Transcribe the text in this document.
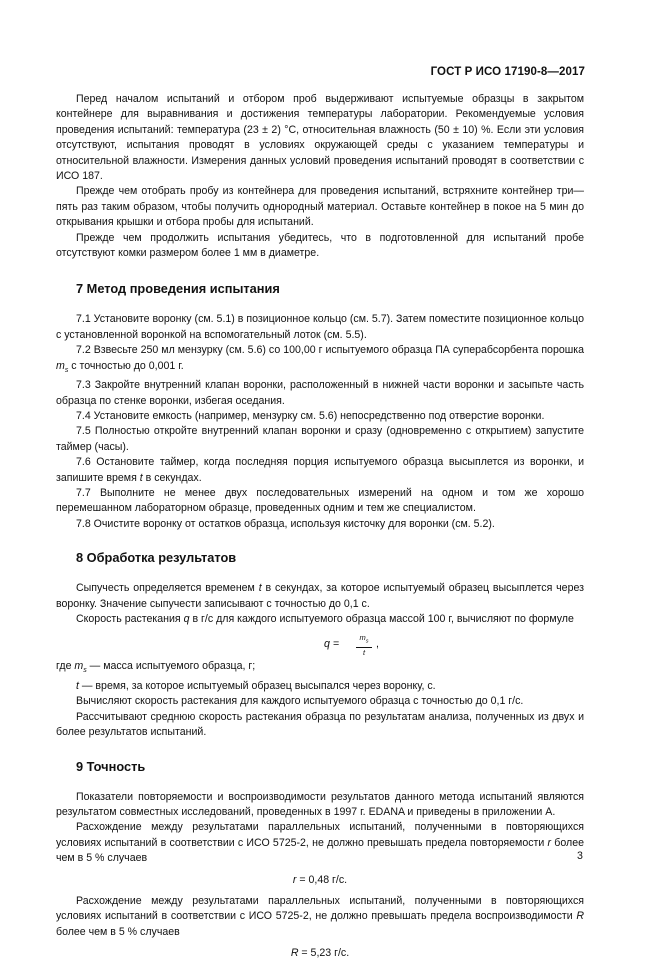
ГОСТ Р ИСО 17190-8—2017

Перед началом испытаний и отбором проб выдерживают испытуемые образцы в закрытом контейнере для выравнивания и достижения температуры лаборатории. Рекомендуемые условия проведения испытаний: температура (23 ± 2) °С, относительная влажность (50 ± 10) %. Если эти условия отсутствуют, испытания проводят в условиях окружающей среды с указанием температуры и относительной влажности. Измерения данных условий проведения испытаний проводят в соответствии с ИСО 187.

Прежде чем отобрать пробу из контейнера для проведения испытаний, встряхните контейнер три—пять раз таким образом, чтобы получить однородный материал. Оставьте контейнер в покое на 5 мин до открывания крышки и отбора пробы для испытаний.

Прежде чем продолжить испытания убедитесь, что в подготовленной для испытаний пробе отсутствуют комки размером более 1 мм в диаметре.

7 Метод проведения испытания

7.1 Установите воронку (см. 5.1) в позиционное кольцо (см. 5.7). Затем поместите позиционное кольцо с установленной воронкой на вспомогательный лоток (см. 5.5).

7.2 Взвесьте 250 мл мензурку (см. 5.6) со 100,00 г испытуемого образца ПА суперабсорбента порошка $m_s$ с точностью до 0,001 г.

7.3 Закройте внутренний клапан воронки, расположенный в нижней части воронки и засыпьте часть образца по стенке воронки, избегая оседания.

7.4 Установите емкость (например, мензурку см. 5.6) непосредственно под отверстие воронки.

7.5 Полностью откройте внутренний клапан воронки и сразу (одновременно с открытием) запустите таймер (часы).

7.6 Остановите таймер, когда последняя порция испытуемого образца высыплется из воронки, и запишите время t в секундах.

7.7 Выполните не менее двух последовательных измерений на одном и том же хорошо перемешанном лабораторном образце, проведенных одним и тем же специалистом.

7.8 Очистите воронку от остатков образца, используя кисточку для воронки (см. 5.2).

8 Обработка результатов

Сыпучесть определяется временем t в секундах, за которое испытуемый образец высыплется через воронку. Значение сыпучести записывают с точностью до 0,1 с.

Скорость растекания q в г/с для каждого испытуемого образца массой 100 г, вычисляют по формуле

q =
$m_s$
t
,

где $m_s$ — масса испытуемого образца, г;

t — время, за которое испытуемый образец высыпался через воронку, с.

Вычисляют скорость растекания для каждого испытуемого образца с точностью до 0,1 г/с.

Рассчитывают среднюю скорость растекания образца по результатам анализа, полученных из двух и более результатов испытаний.

9 Точность

Показатели повторяемости и воспроизводимости результатов данного метода испытаний являются результатом совместных исследований, проведенных в 1997 г. EDANA и приведены в приложении А.

Расхождение между результатами параллельных испытаний, полученными в повторяющихся условиях испытаний в соответствии с ИСО 5725-2, не должно превышать предела повторяемости r более чем в 5 % случаев

r = 0,48 г/с.

Расхождение между результатами параллельных испытаний, полученными в повторяющихся условиях испытаний в соответствии с ИСО 5725-2, не должно превышать предела воспроизводимости R более чем в 5 % случаев

R = 5,23 г/с.

3
